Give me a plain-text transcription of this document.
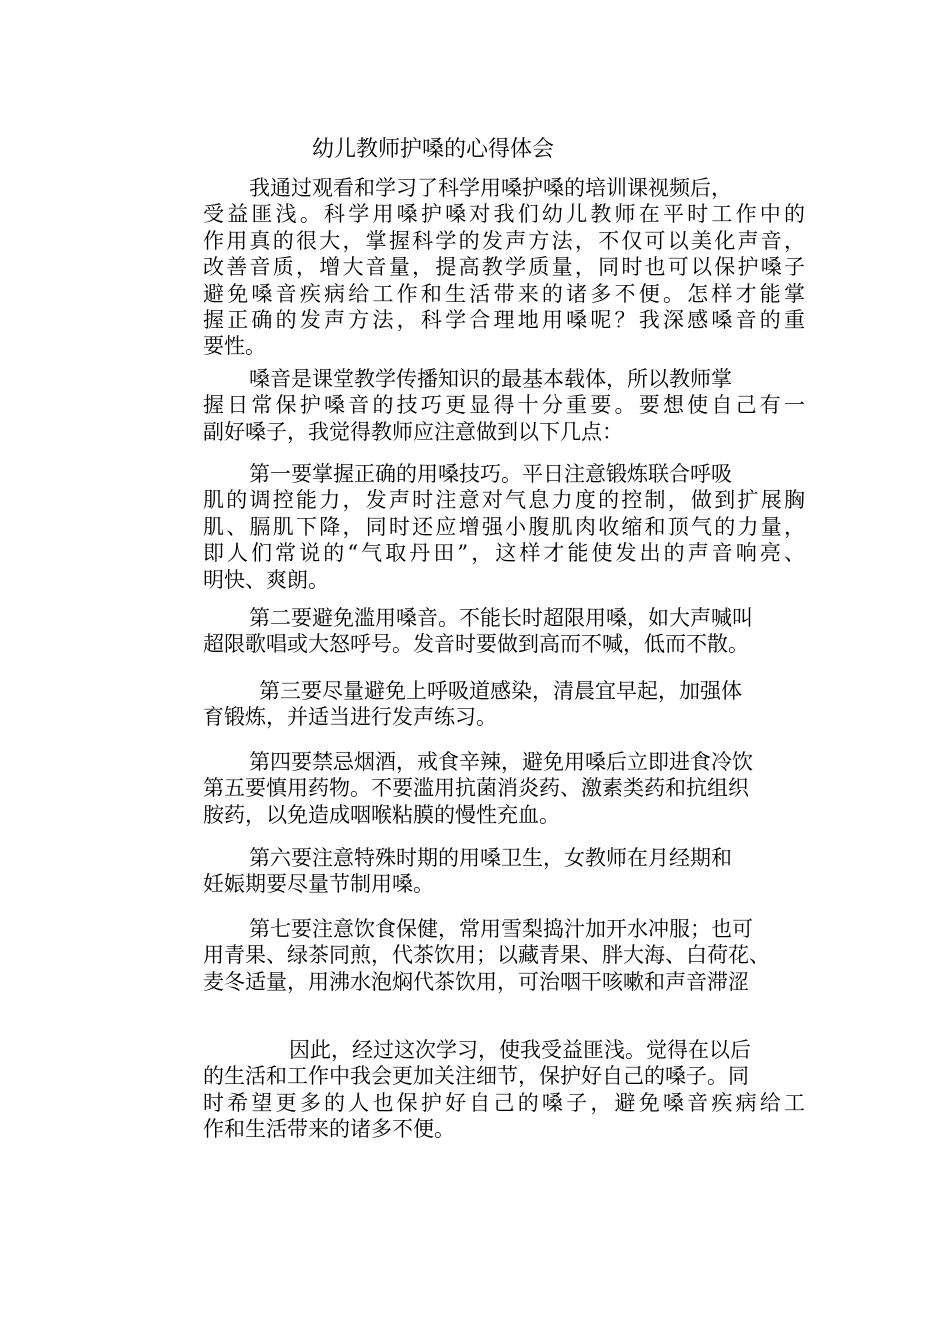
幼儿教师护嗓的心得体会
我通过观看和学习了科学用嗓护嗓的培训课视频后，
受益匪浅。科学用嗓护嗓对我们幼儿教师在平时工作中的
作用真的很大，掌握科学的发声方法，不仅可以美化声音，
改善音质，增大音量，提高教学质量，同时也可以保护嗓子
避免嗓音疾病给工作和生活带来的诸多不便。怎样才能掌
握正确的发声方法，科学合理地用嗓呢？我深感嗓音的重
要性。
嗓音是课堂教学传播知识的最基本载体，所以教师掌
握日常保护嗓音的技巧更显得十分重要。要想使自己有一
副好嗓子，我觉得教师应注意做到以下几点：
第一要掌握正确的用嗓技巧。平日注意锻炼联合呼吸
肌的调控能力，发声时注意对气息力度的控制，做到扩展胸
肌、膈肌下降，同时还应增强小腹肌肉收缩和顶气的力量，
即人们常说的“气取丹田”，这样才能使发出的声音响亮、
明快、爽朗。
第二要避免滥用嗓音。不能长时超限用嗓，如大声喊叫
超限歌唱或大怒呼号。发音时要做到高而不喊，低而不散。
第三要尽量避免上呼吸道感染，清晨宜早起，加强体
育锻炼，并适当进行发声练习。
第四要禁忌烟酒，戒食辛辣，避免用嗓后立即进食冷饮
第五要慎用药物。不要滥用抗菌消炎药、激素类药和抗组织
胺药，以免造成咽喉粘膜的慢性充血。
第六要注意特殊时期的用嗓卫生，女教师在月经期和
妊娠期要尽量节制用嗓。
第七要注意饮食保健，常用雪梨捣汁加开水冲服；也可
用青果、绿茶同煎，代茶饮用；以藏青果、胖大海、白荷花、
麦冬适量，用沸水泡焖代茶饮用，可治咽干咳嗽和声音滞涩
因此，经过这次学习，使我受益匪浅。觉得在以后
的生活和工作中我会更加关注细节，保护好自己的嗓子。同
时希望更多的人也保护好自己的嗓子，避免嗓音疾病给工
作和生活带来的诸多不便。
